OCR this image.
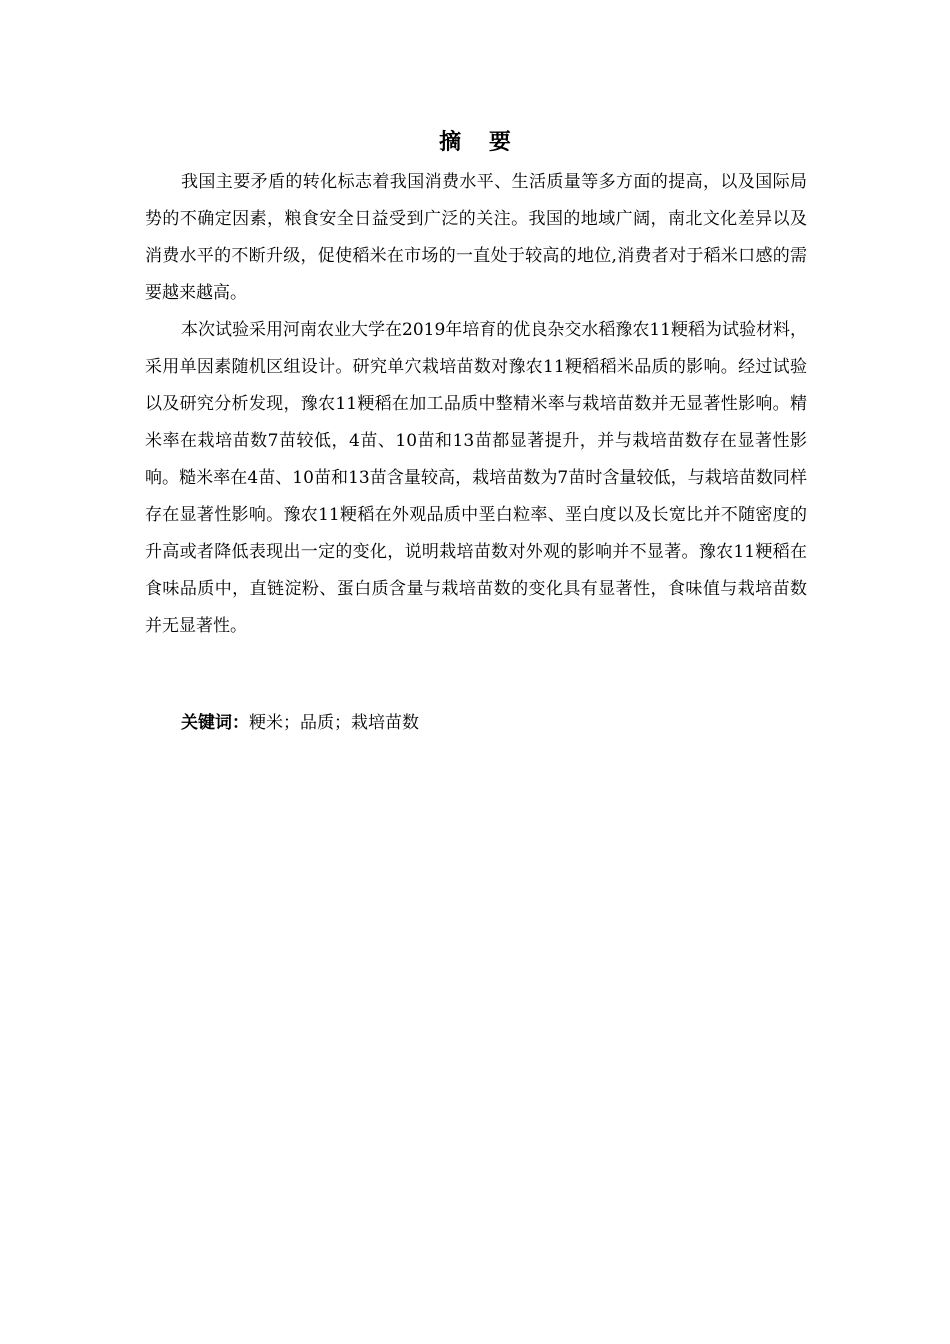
摘 要

我国主要矛盾的转化标志着我国消费水平、生活质量等多方面的提高，以及国际局势的不确定因素，粮食安全日益受到广泛的关注。我国的地域广阔，南北文化差异以及消费水平的不断升级，促使稻米在市场的一直处于较高的地位,消费者对于稻米口感的需要越来越高。

本次试验采用河南农业大学在2019年培育的优良杂交水稻豫农11粳稻为试验材料，采用单因素随机区组设计。研究单穴栽培苗数对豫农11粳稻稻米品质的影响。经过试验以及研究分析发现，豫农11粳稻在加工品质中整精米率与栽培苗数并无显著性影响。精米率在栽培苗数7苗较低，4苗、10苗和13苗都显著提升，并与栽培苗数存在显著性影响。糙米率在4苗、10苗和13苗含量较高，栽培苗数为7苗时含量较低，与栽培苗数同样存在显著性影响。豫农11粳稻在外观品质中垩白粒率、垩白度以及长宽比并不随密度的升高或者降低表现出一定的变化，说明栽培苗数对外观的影响并不显著。豫农11粳稻在食味品质中，直链淀粉、蛋白质含量与栽培苗数的变化具有显著性，食味值与栽培苗数并无显著性。

关键词：粳米；品质；栽培苗数
